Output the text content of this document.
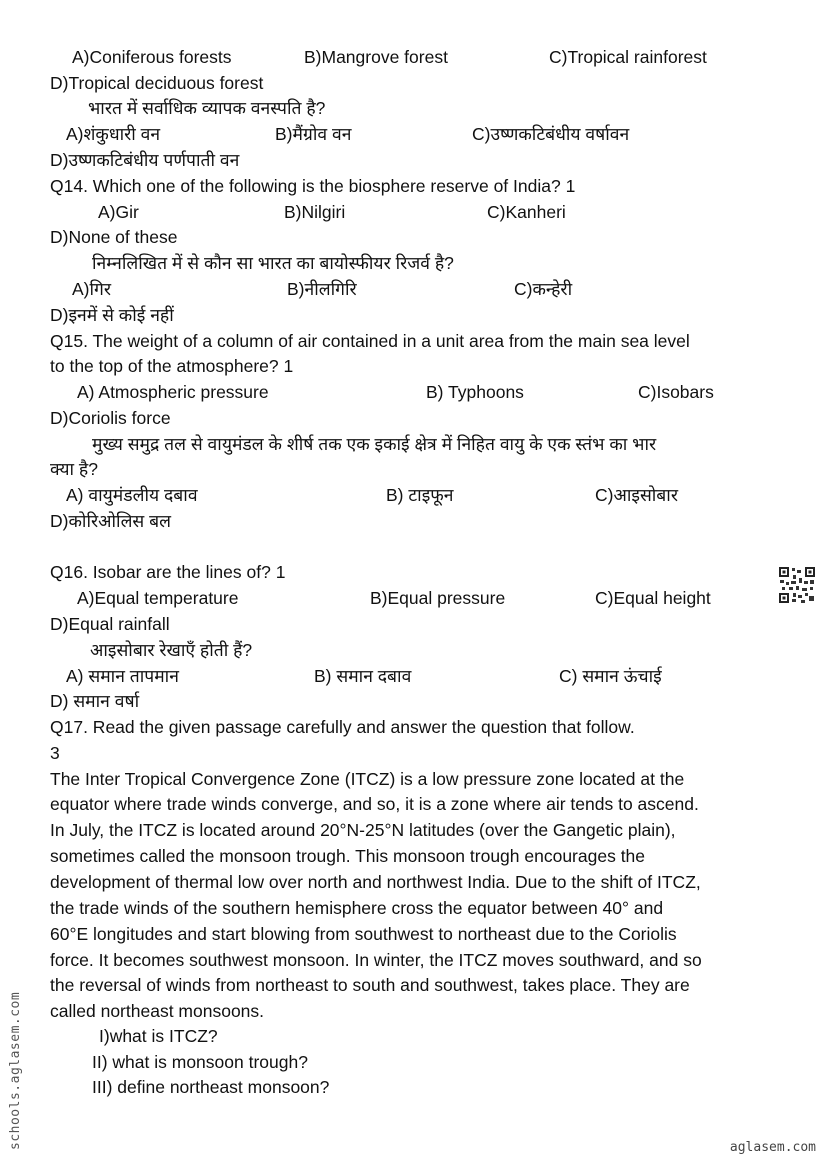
A)Coniferous forests	B)Mangrove forest	C)Tropical rainforest
D)Tropical deciduous forest
भारत में सर्वाधिक व्यापक वनस्पति है?
A)शंकुधारी वन	B)मैंग्रोव वन	C)उष्णकटिबंधीय वर्षावन
D)उष्णकटिबंधीय पर्णपाती वन
Q14. Which one of the following is the biosphere reserve of India? 1
A)Gir	B)Nilgiri	C)Kanheri
D)None of these
निम्नलिखित में से कौन सा भारत का बायोस्फीयर रिजर्व है?
A)गिर	B)नीलगिरि	C)कन्हेरी
D)इनमें से कोई नहीं
Q15. The weight of a column of air contained in a unit area from the main sea level
to the top of the atmosphere? 1
A) Atmospheric pressure	B) Typhoons	C)Isobars
D)Coriolis force
मुख्य समुद्र तल से वायुमंडल के शीर्ष तक एक इकाई क्षेत्र में निहित वायु के एक स्तंभ का भार
क्या है?
A) वायुमंडलीय दबाव	B) टाइफून	C)आइसोबार
D)कोरिओलिस बल
Q16. Isobar are the lines of? 1
A)Equal temperature	B)Equal pressure	C)Equal height
D)Equal rainfall
आइसोबार रेखाएँ होती हैं?
A) समान तापमान	B) समान दबाव	C) समान ऊंचाई
D) समान वर्षा
Q17. Read the given passage carefully and answer the question that follow.
3
The Inter Tropical Convergence Zone (ITCZ) is a low pressure zone located at the
equator where trade winds converge, and so, it is a zone where air tends to ascend.
In July, the ITCZ is located around 20°N-25°N latitudes (over the Gangetic plain),
sometimes called the monsoon trough. This monsoon trough encourages the
development of thermal low over north and northwest India. Due to the shift of ITCZ,
the trade winds of the southern hemisphere cross the equator between 40° and
60°E longitudes and start blowing from southwest to northeast due to the Coriolis
force. It becomes southwest monsoon. In winter, the ITCZ moves southward, and so
the reversal of winds from northeast to south and southwest, takes place. They are
called northeast monsoons.
I)what is ITCZ?
II) what is monsoon trough?
III) define northeast monsoon?
schools.aglasem.com	aglasem.com
